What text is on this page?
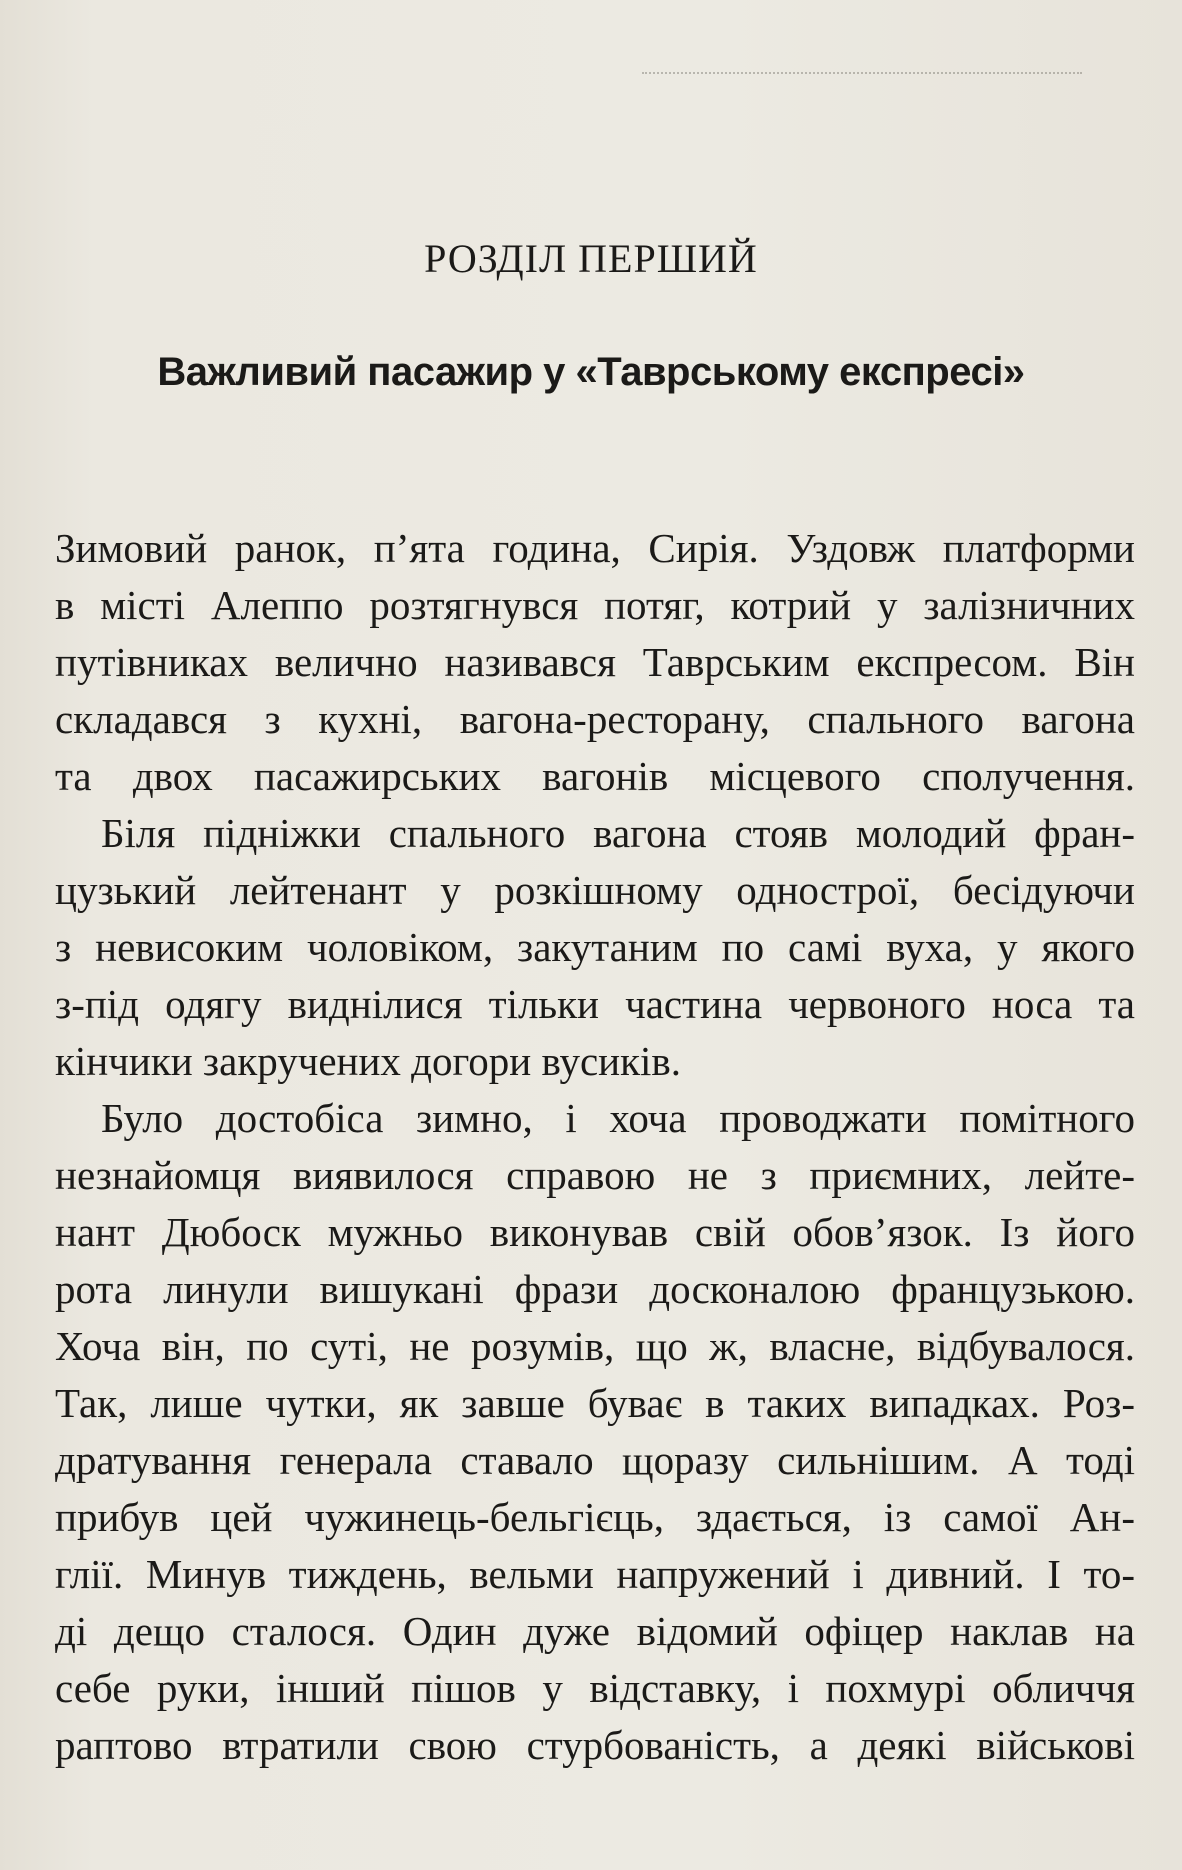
РОЗДІЛ ПЕРШИЙ
Важливий пасажир у «Таврському експресі»
Зимовий ранок, п’ята година, Сирія. Уздовж платформи
в місті Алеппо розтягнувся потяг, котрий у залізничних
путівниках велично називався Таврським експресом. Він
складався з кухні, вагона-ресторану, спального вагона
та двох пасажирських вагонів місцевого сполучення.
Біля підніжки спального вагона стояв молодий фран-
цузький лейтенант у розкішному однострої, бесідуючи
з невисоким чоловіком, закутаним по самі вуха, у якого
з-під одягу виднілися тільки частина червоного носа та
кінчики закручених догори вусиків.
Було достобіса зимно, і хоча проводжати помітного
незнайомця виявилося справою не з приємних, лейте-
нант Дюбоск мужньо виконував свій обов’язок. Із його
рота линули вишукані фрази досконалою французькою.
Хоча він, по суті, не розумів, що ж, власне, відбувалося.
Так, лише чутки, як завше буває в таких випадках. Роз-
дратування генерала ставало щоразу сильнішим. А тоді
прибув цей чужинець-бельгієць, здається, із самої Ан-
глії. Минув тиждень, вельми напружений і дивний. І то-
ді дещо сталося. Один дуже відомий офіцер наклав на
себе руки, інший пішов у відставку, і похмурі обличчя
раптово втратили свою стурбованість, а деякі військові
